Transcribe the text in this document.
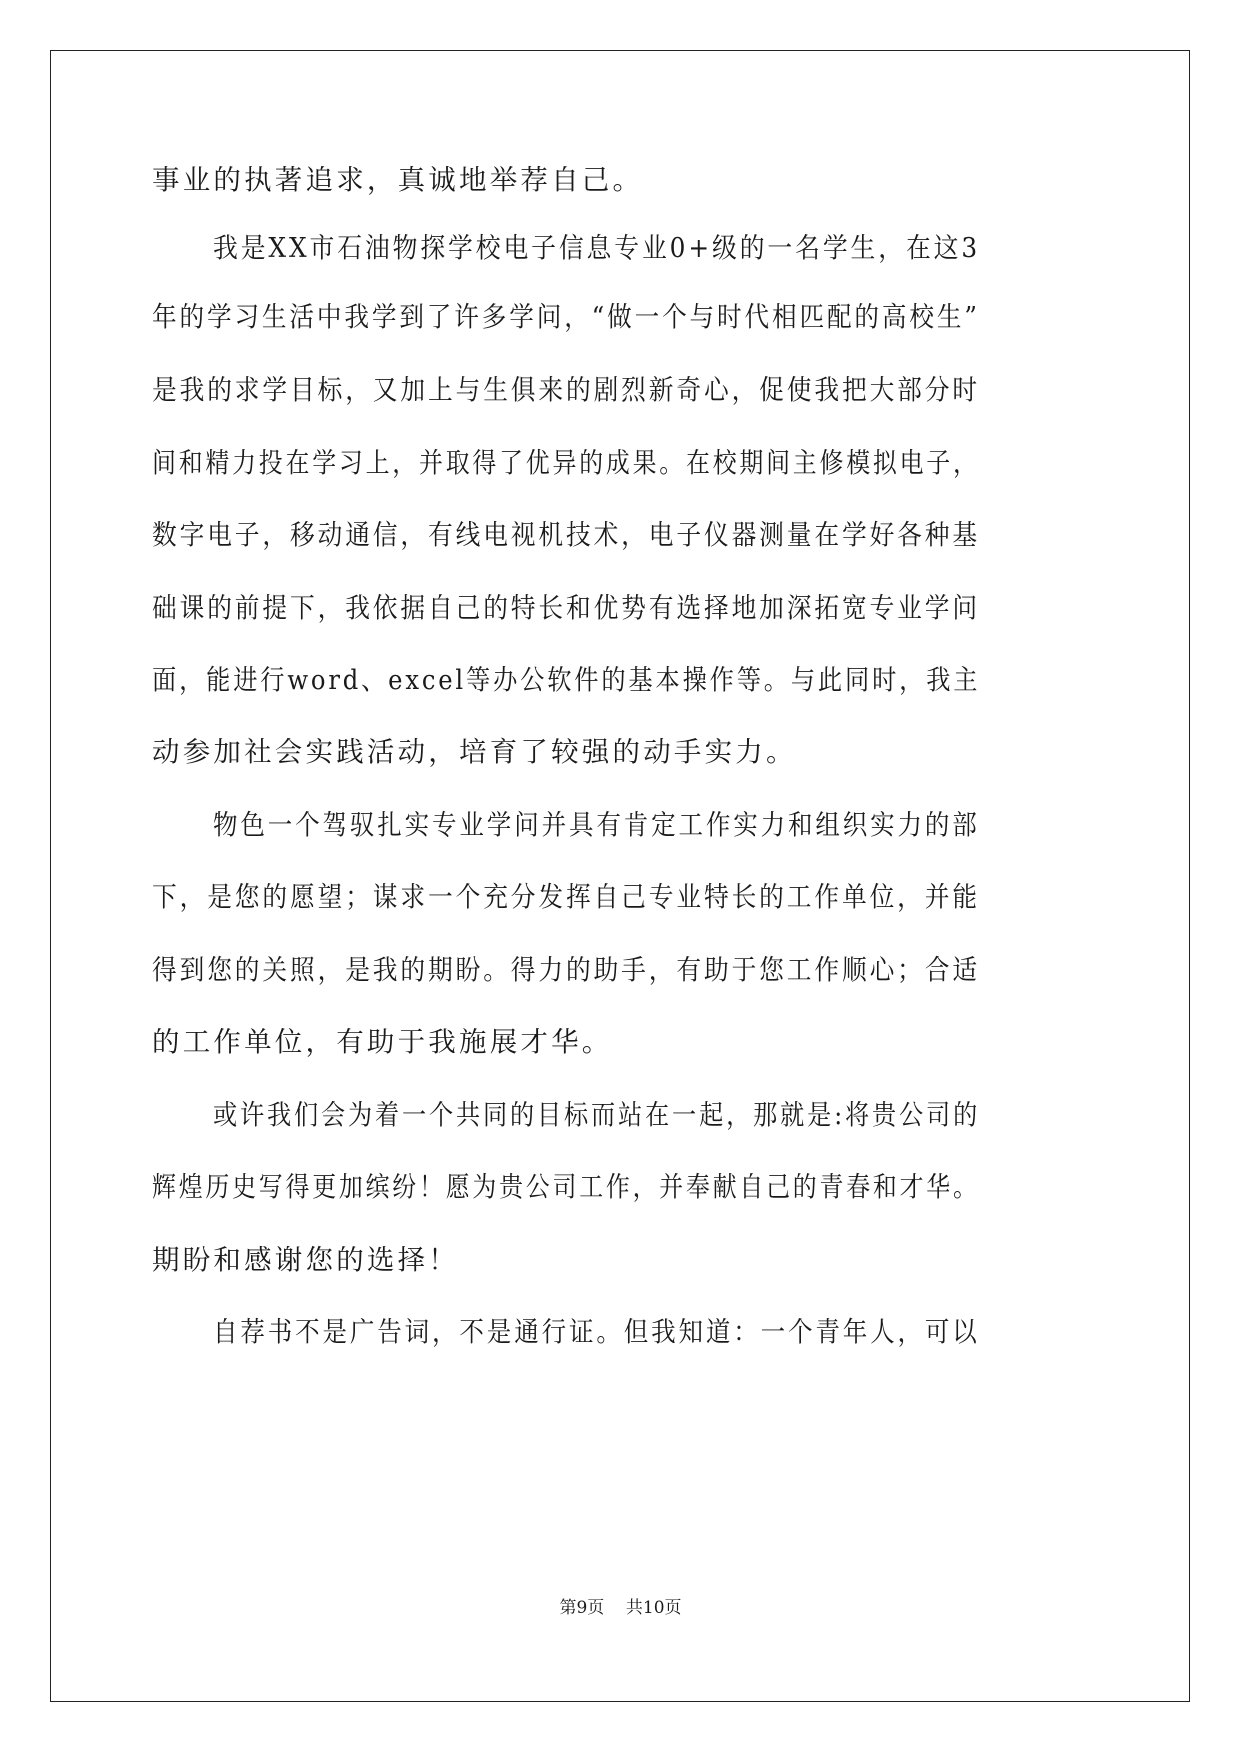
事业的执著追求，真诚地举荐自己。
我是XX市石油物探学校电子信息专业0+级的一名学生，在这3
年的学习生活中我学到了许多学问，“做一个与时代相匹配的高校生”
是我的求学目标，又加上与生俱来的剧烈新奇心，促使我把大部分时
间和精力投在学习上，并取得了优异的成果。在校期间主修模拟电子，
数字电子，移动通信，有线电视机技术，电子仪器测量在学好各种基
础课的前提下，我依据自己的特长和优势有选择地加深拓宽专业学问
面，能进行word、excel等办公软件的基本操作等。与此同时，我主
动参加社会实践活动，培育了较强的动手实力。
物色一个驾驭扎实专业学问并具有肯定工作实力和组织实力的部
下，是您的愿望；谋求一个充分发挥自己专业特长的工作单位，并能
得到您的关照，是我的期盼。得力的助手，有助于您工作顺心；合适
的工作单位，有助于我施展才华。
或许我们会为着一个共同的目标而站在一起，那就是:将贵公司的
辉煌历史写得更加缤纷！愿为贵公司工作，并奉献自己的青春和才华。
期盼和感谢您的选择！
自荐书不是广告词，不是通行证。但我知道：一个青年人，可以
第9页    共10页
